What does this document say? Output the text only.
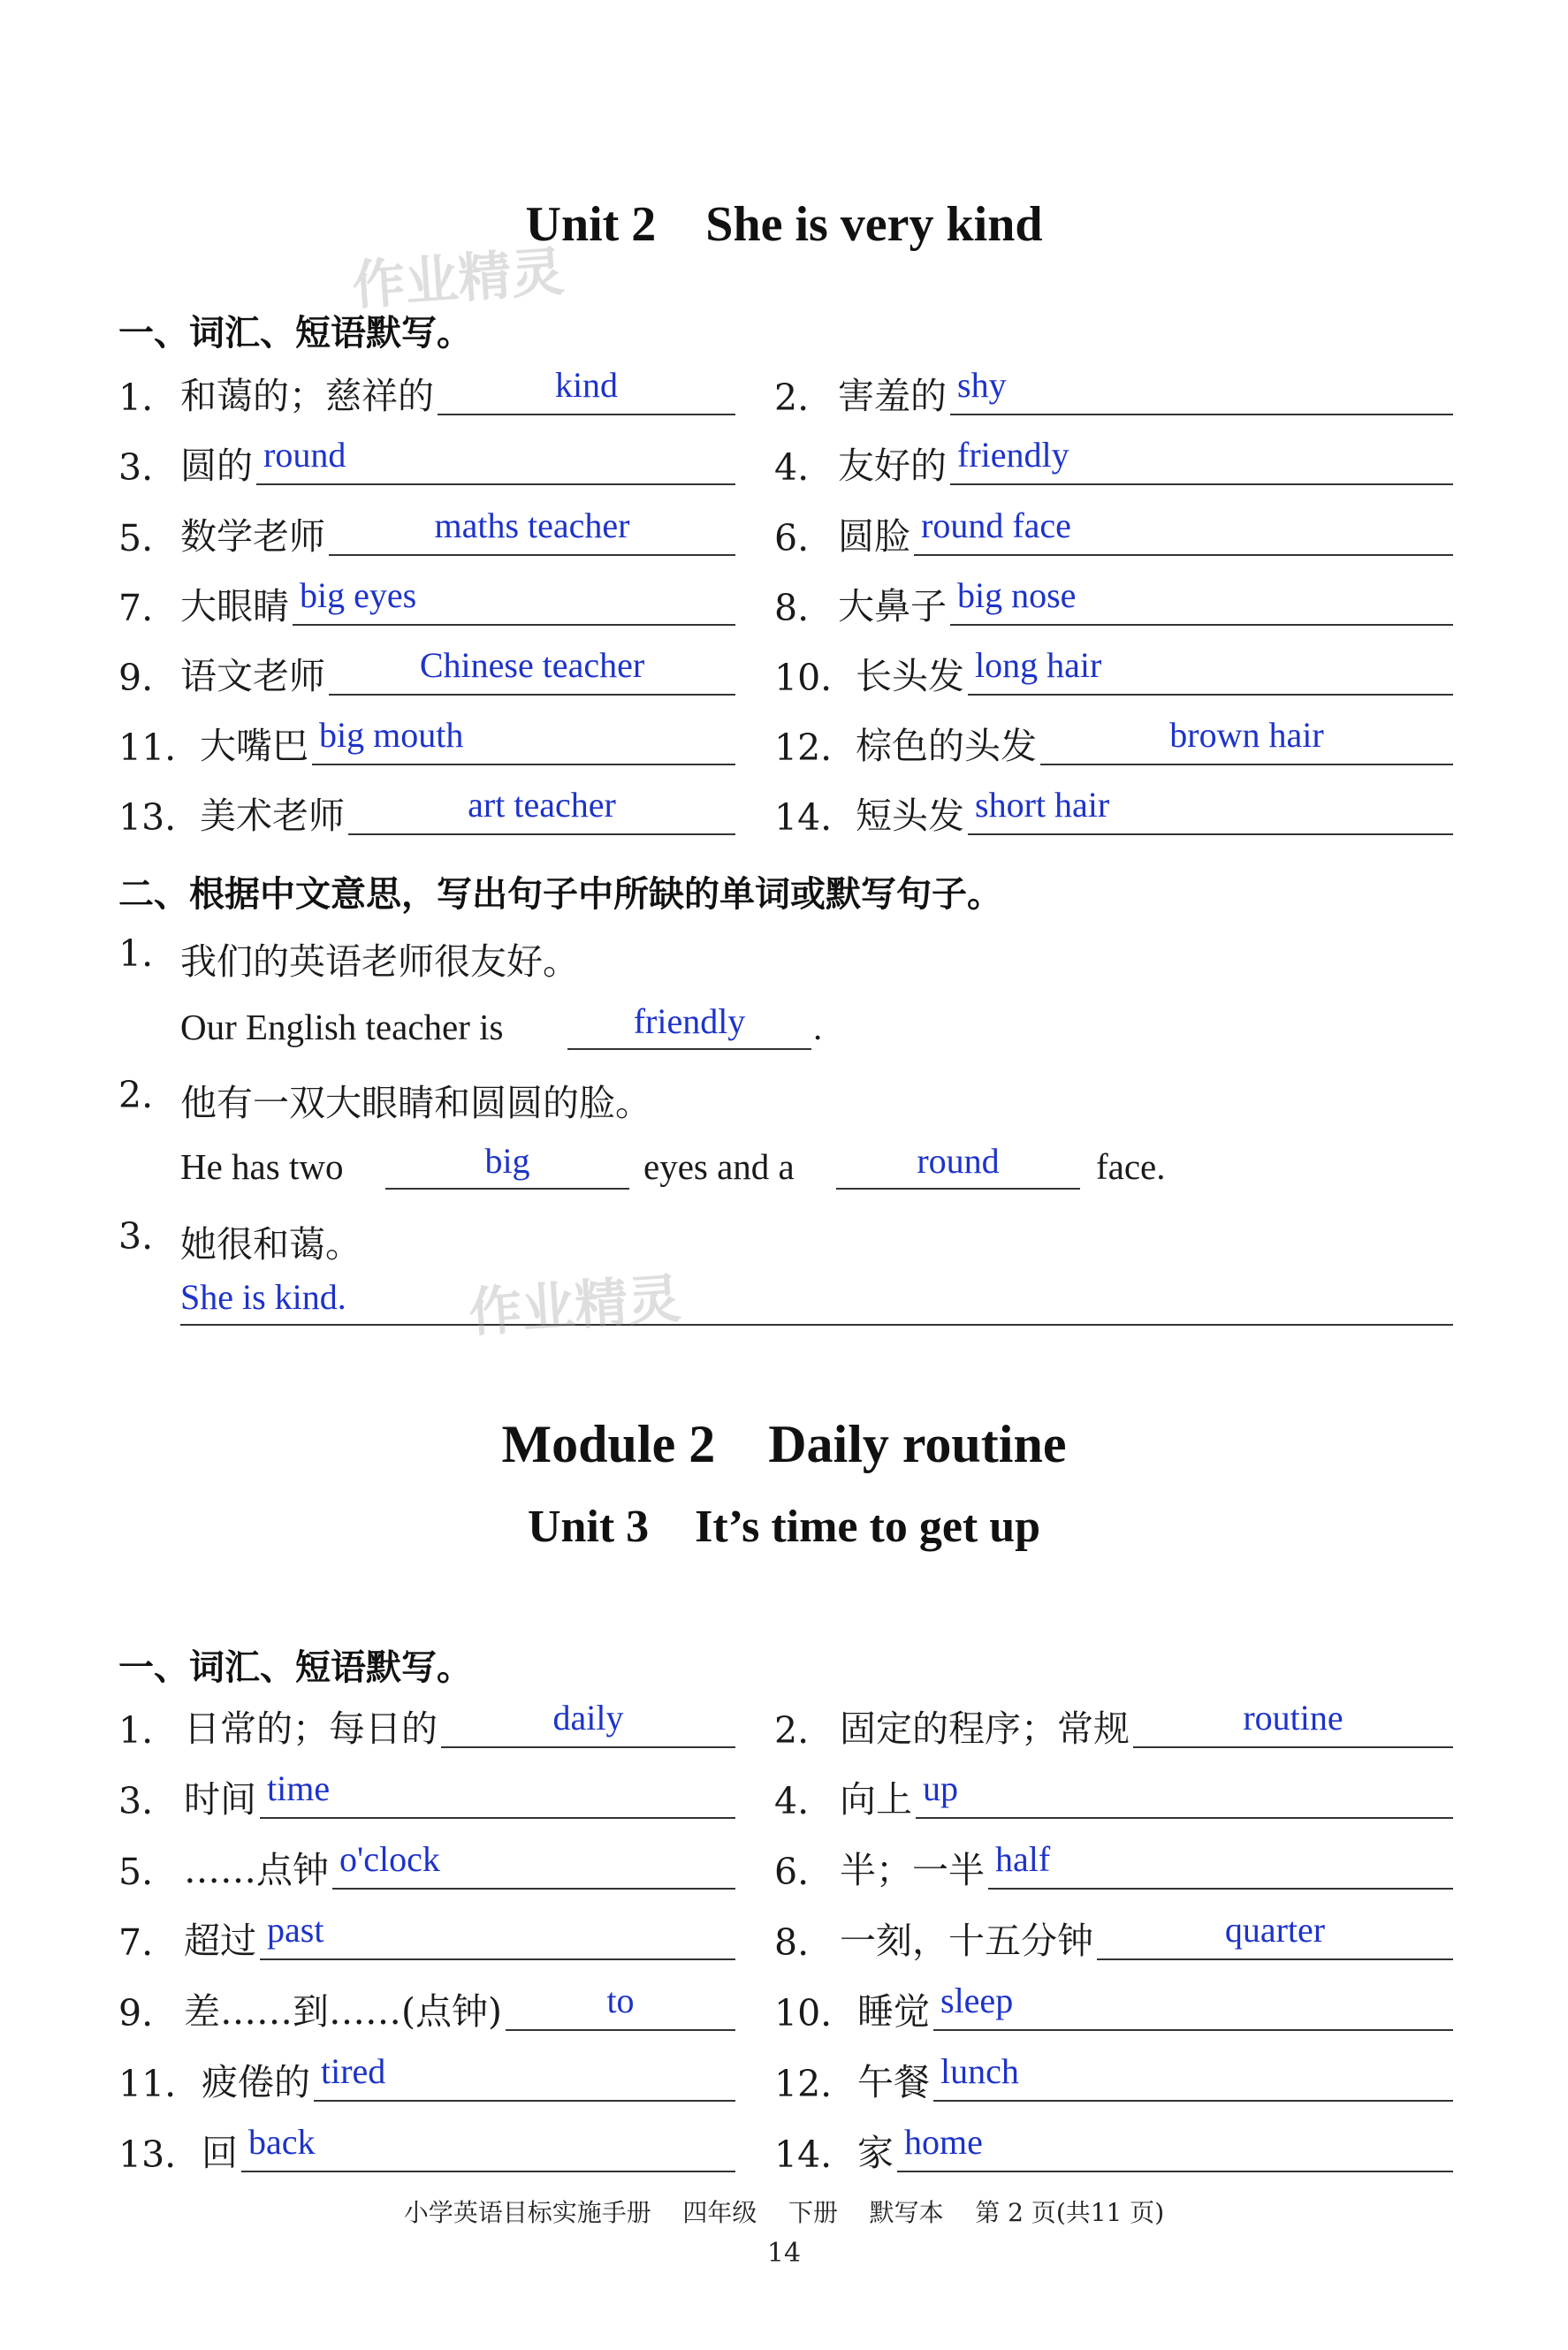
Unit 2    She is very kind
作业精灵
一、词汇、短语默写。
1. 和蔼的；慈祥的	kind	2. 害羞的 shy
3. 圆的 round	4. 友好的 friendly
5. 数学老师	maths teacher	6. 圆脸 round face
7. 大眼睛 big eyes	8. 大鼻子 big nose
9. 语文老师	Chinese teacher	10. 长头发 long hair
11. 大嘴巴 big mouth	12. 棕色的头发	brown hair
13. 美术老师	art teacher	14. 短头发 short hair
二、根据中文意思，写出句子中所缺的单词或默写句子。
1. 我们的英语老师很友好。
Our English teacher is	friendly	.
2. 他有一双大眼睛和圆圆的脸。
He has two	big	eyes and a	round	face.
3. 她很和蔼。
She is kind.	作业精灵
Module 2    Daily routine
Unit 3    It’s time to get up
一、词汇、短语默写。
1. 日常的；每日的	daily	2. 固定的程序；常规	routine
3. 时间 time	4. 向上 up
5. ……点钟 o'clock	6. 半；一半 half
7. 超过 past	8. 一刻，十五分钟	quarter
9. 差……到……(点钟)	to	10. 睡觉 sleep
11. 疲倦的 tired	12. 午餐 lunch
13. 回 back	14. 家 home
小学英语目标实施手册    四年级    下册    默写本    第 2 页(共11 页)
14
